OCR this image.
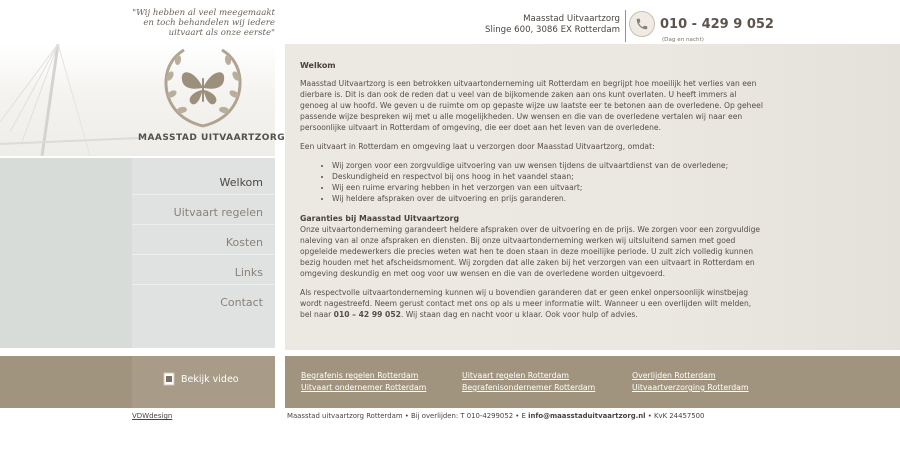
"Wij hebben al veel meegemaakt
en toch behandelen wij iedere
uitvaart als onze eerste"
Maasstad Uitvaartzorg
Slinge 600, 3086 EX Rotterdam	010 - 429 9 052
(Dag en nacht)
MAASSTAD UITVAARTZORG
Welkom
Uitvaart regelen
Kosten
Links
Contact
Bekijk video
Welkom

Maasstad Uitvaartzorg is een betrokken uitvaartonderneming uit Rotterdam en begrijpt hoe moeilijk het verlies van een dierbare is. Dit is dan ook de reden dat u veel van de bijkomende zaken aan ons kunt overlaten. U heeft immers al genoeg al uw hoofd. We geven u de ruimte om op gepaste wijze uw laatste eer te betonen aan de overledene. Op geheel passende wijze bespreken wij met u alle mogelijkheden. Uw wensen en die van de overledene vertalen wij naar een persoonlijke uitvaart in Rotterdam of omgeving, die eer doet aan het leven van de overledene.

Een uitvaart in Rotterdam en omgeving laat u verzorgen door Maasstad Uitvaartzorg, omdat:

• Wij zorgen voor een zorgvuldige uitvoering van uw wensen tijdens de uitvaartdienst van de overledene;
• Deskundigheid en respectvol bij ons hoog in het vaandel staan;
• Wij een ruime ervaring hebben in het verzorgen van een uitvaart;
• Wij heldere afspraken over de uitvoering en prijs garanderen.
Garanties bij Maasstad Uitvaartzorg

Onze uitvaartonderneming garandeert heldere afspraken over de uitvoering en de prijs. We zorgen voor een zorgvuldige naleving van al onze afspraken en diensten. Bij onze uitvaartonderneming werken wij uitsluitend samen met goed opgeleide medewerkers die precies weten wat hen te doen staan in deze moeilijke periode. U zult zich volledig kunnen bezig houden met het afscheidsmoment. Wij zorgden dat alle zaken bij het verzorgen van een uitvaart in Rotterdam en omgeving deskundig en met oog voor uw wensen en die van de overledene worden uitgevoerd.

Als respectvolle uitvaartonderneming kunnen wij u bovendien garanderen dat er geen enkel onpersoonlijk winstbejag wordt nagestreefd. Neem gerust contact met ons op als u meer informatie wilt. Wanneer u een overlijden wilt melden, bel naar 010 – 42 99 052. Wij staan dag en nacht voor u klaar. Ook voor hulp of advies.

Begrafenis regelen Rotterdam
Uitvaart ondernemer Rotterdam
Uitvaart regelen Rotterdam
Begrafenisondernemer Rotterdam
Overlijden Rotterdam
Uitvaartverzorging Rotterdam
VDWdesign	Maasstad uitvaartzorg Rotterdam • Bij overlijden: T 010-4299052 • E info@maasstaduitvaartzorg.nl • KvK 24457500
